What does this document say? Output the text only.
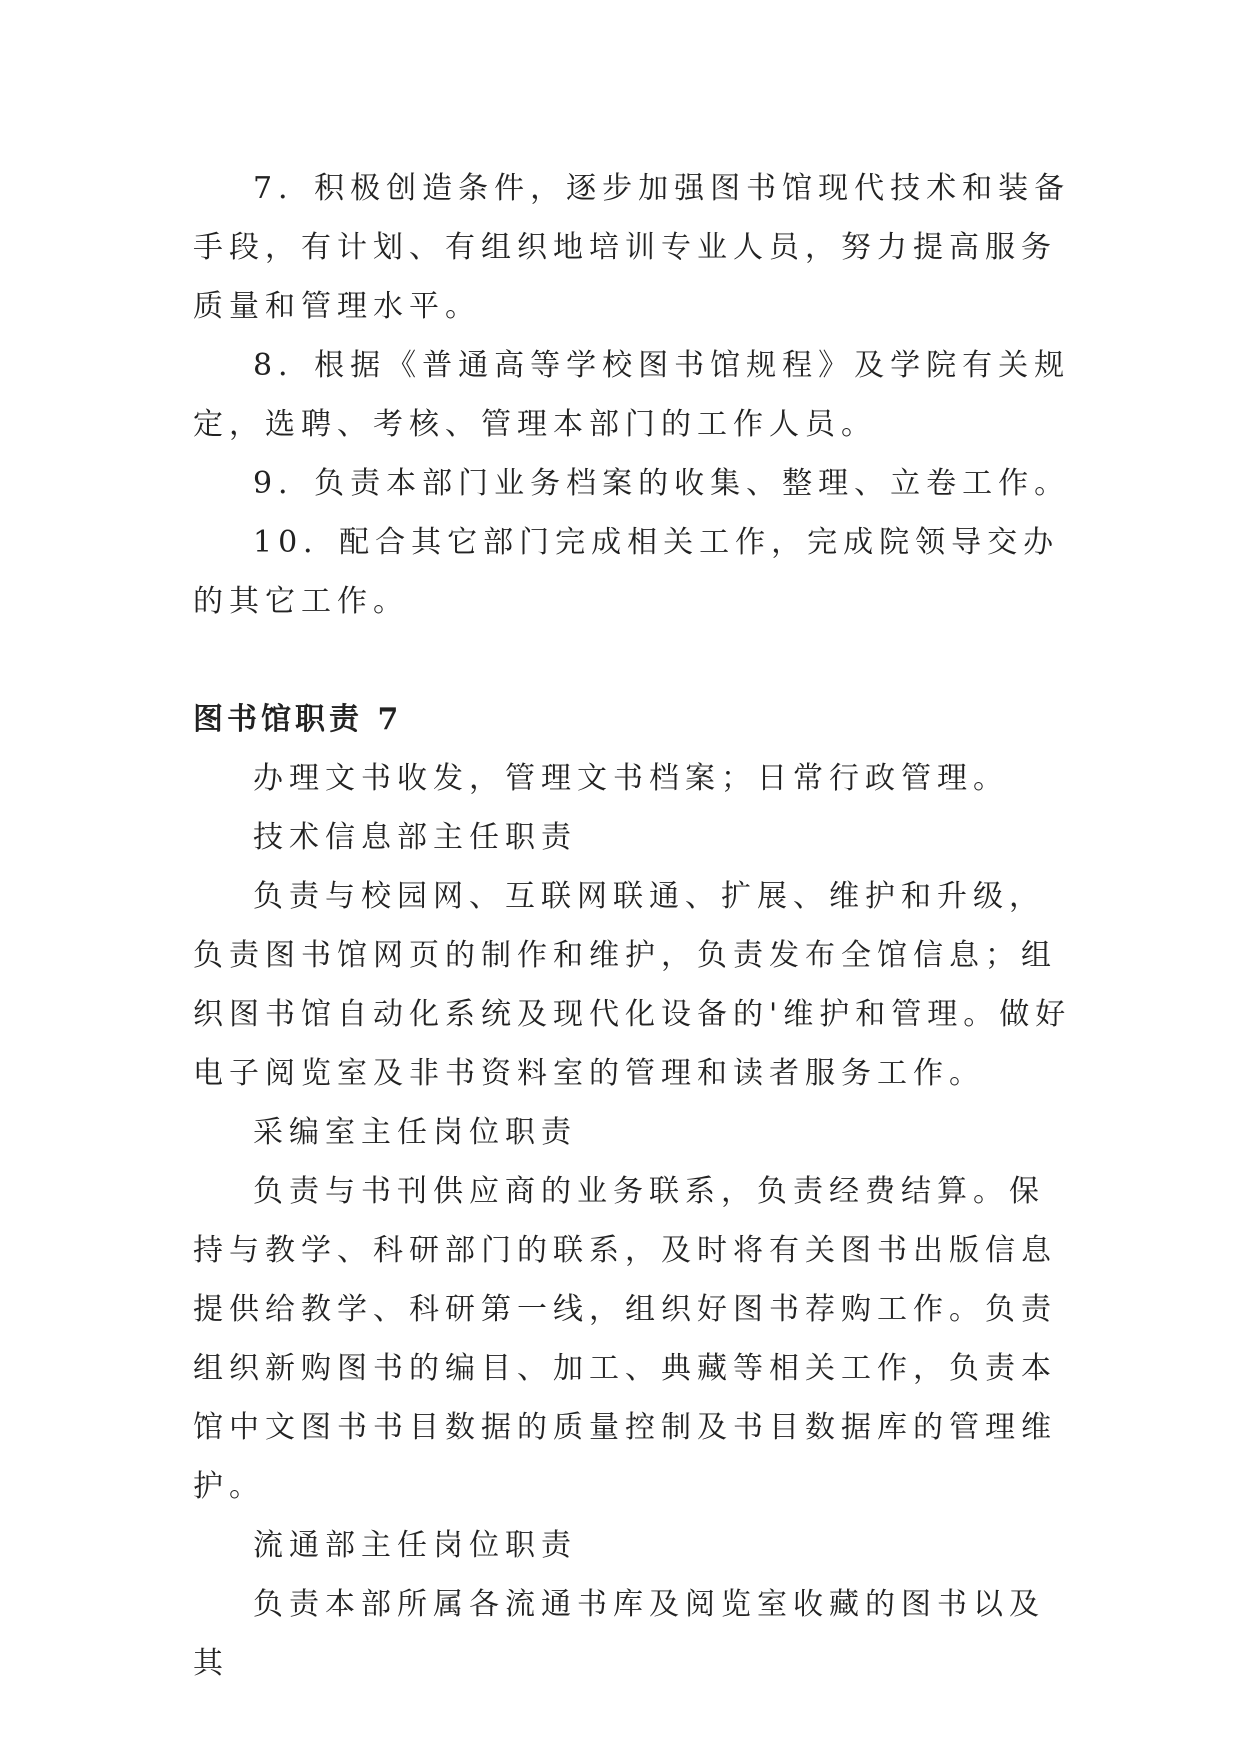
7．积极创造条件，逐步加强图书馆现代技术和装备手段，有计划、有组织地培训专业人员，努力提高服务质量和管理水平。

8．根据《普通高等学校图书馆规程》及学院有关规定，选聘、考核、管理本部门的工作人员。

9．负责本部门业务档案的收集、整理、立卷工作。

10．配合其它部门完成相关工作，完成院领导交办的其它工作。

图书馆职责 7

办理文书收发，管理文书档案；日常行政管理。

技术信息部主任职责

负责与校园网、互联网联通、扩展、维护和升级，负责图书馆网页的制作和维护，负责发布全馆信息；组织图书馆自动化系统及现代化设备的'维护和管理。做好电子阅览室及非书资料室的管理和读者服务工作。

采编室主任岗位职责

负责与书刊供应商的业务联系，负责经费结算。保持与教学、科研部门的联系，及时将有关图书出版信息提供给教学、科研第一线，组织好图书荐购工作。负责组织新购图书的编目、加工、典藏等相关工作，负责本馆中文图书书目数据的质量控制及书目数据库的管理维护。

流通部主任岗位职责

负责本部所属各流通书库及阅览室收藏的图书以及其
